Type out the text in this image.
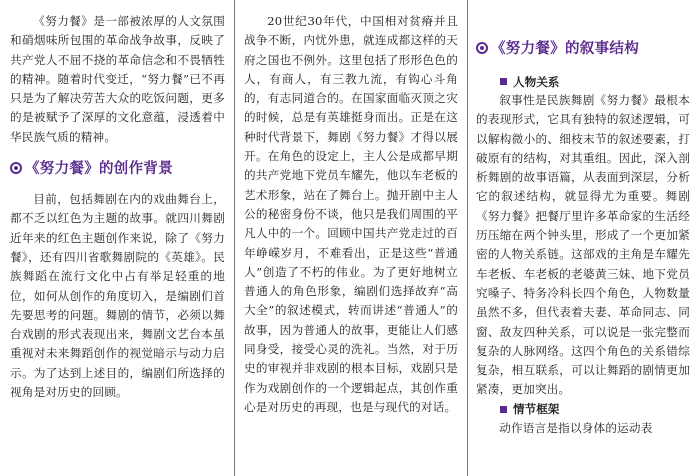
《努力餐》是一部被浓厚的人文氛围和硝烟味所包围的革命战争故事，反映了共产党人不屈不挠的革命信念和不畏牺牲的精神。随着时代变迁，“努力餐”已不再只是为了解决劳苦大众的吃饭问题，更多的是被赋予了深厚的文化意蕴，浸透着中华民族气质的精神。

《努力餐》的创作背景

目前，包括舞剧在内的戏曲舞台上，都不乏以红色为主题的故事。就四川舞剧近年来的红色主题创作来说，除了《努力餐》，还有四川省歌舞剧院的《英雄》。民族舞蹈在流行文化中占有举足轻重的地位，如何从创作的角度切入，是编剧们首先要思考的问题。舞剧的情节，必须以舞台戏剧的形式表现出来，舞剧文艺台本虽重视对未来舞蹈创作的视觉暗示与动力启示。为了达到上述目的，编剧们所选择的视角是对历史的回顾。

20世纪30年代，中国相对贫瘠并且战争不断，内忧外患，就连成都这样的天府之国也不例外。这里包括了形形色色的人，有商人，有三教九流，有钩心斗角的，有志同道合的。在国家面临灭顶之灾的时候，总是有英雄挺身而出。正是在这种时代背景下，舞剧《努力餐》才得以展开。在角色的设定上，主人公是成都早期的共产党地下党员车耀先，他以车老板的艺术形象，站在了舞台上。抛开剧中主人公的秘密身份不谈，他只是我们周围的平凡人中的一个。回顾中国共产党走过的百年峥嵘岁月，不难看出，正是这些“普通人”创造了不朽的伟业。为了更好地树立普通人的角色形象，编剧们选择故弃“高大全”的叙述模式，转而讲述“普通人”的故事，因为普通人的故事，更能让人们感同身受，接受心灵的洗礼。当然，对于历史的审视并非戏剧的根本目标，戏剧只是作为戏剧创作的一个逻辑起点，其创作重心是对历史的再现，也是与现代的对话。

《努力餐》的叙事结构
人物关系

叙事性是民族舞剧《努力餐》最根本的表现形式，它具有独特的叙述逻辑，可以解构微小的、细枝末节的叙述要素，打破原有的结构，对其重组。因此，深入剖析舞剧的故事语篇，从表面到深层，分析它的叙述结构，就显得尤为重要。舞剧《努力餐》把餐厅里许多革命家的生活经历压缩在两个钟头里，形成了一个更加紧密的人物关系链。这部戏的主角是车耀先车老板、车老板的老婆黄三妹、地下党员究嗓子、特务冷科长四个角色，人物数量虽然不多，但代表着夫妻、革命同志、同窗、敌友四种关系，可以说是一张完整而复杂的人脉网络。这四个角色的关系错综复杂，相互联系，可以让舞蹈的剧情更加紧凑，更加突出。

情节框架

动作语言是指以身体的运动表
